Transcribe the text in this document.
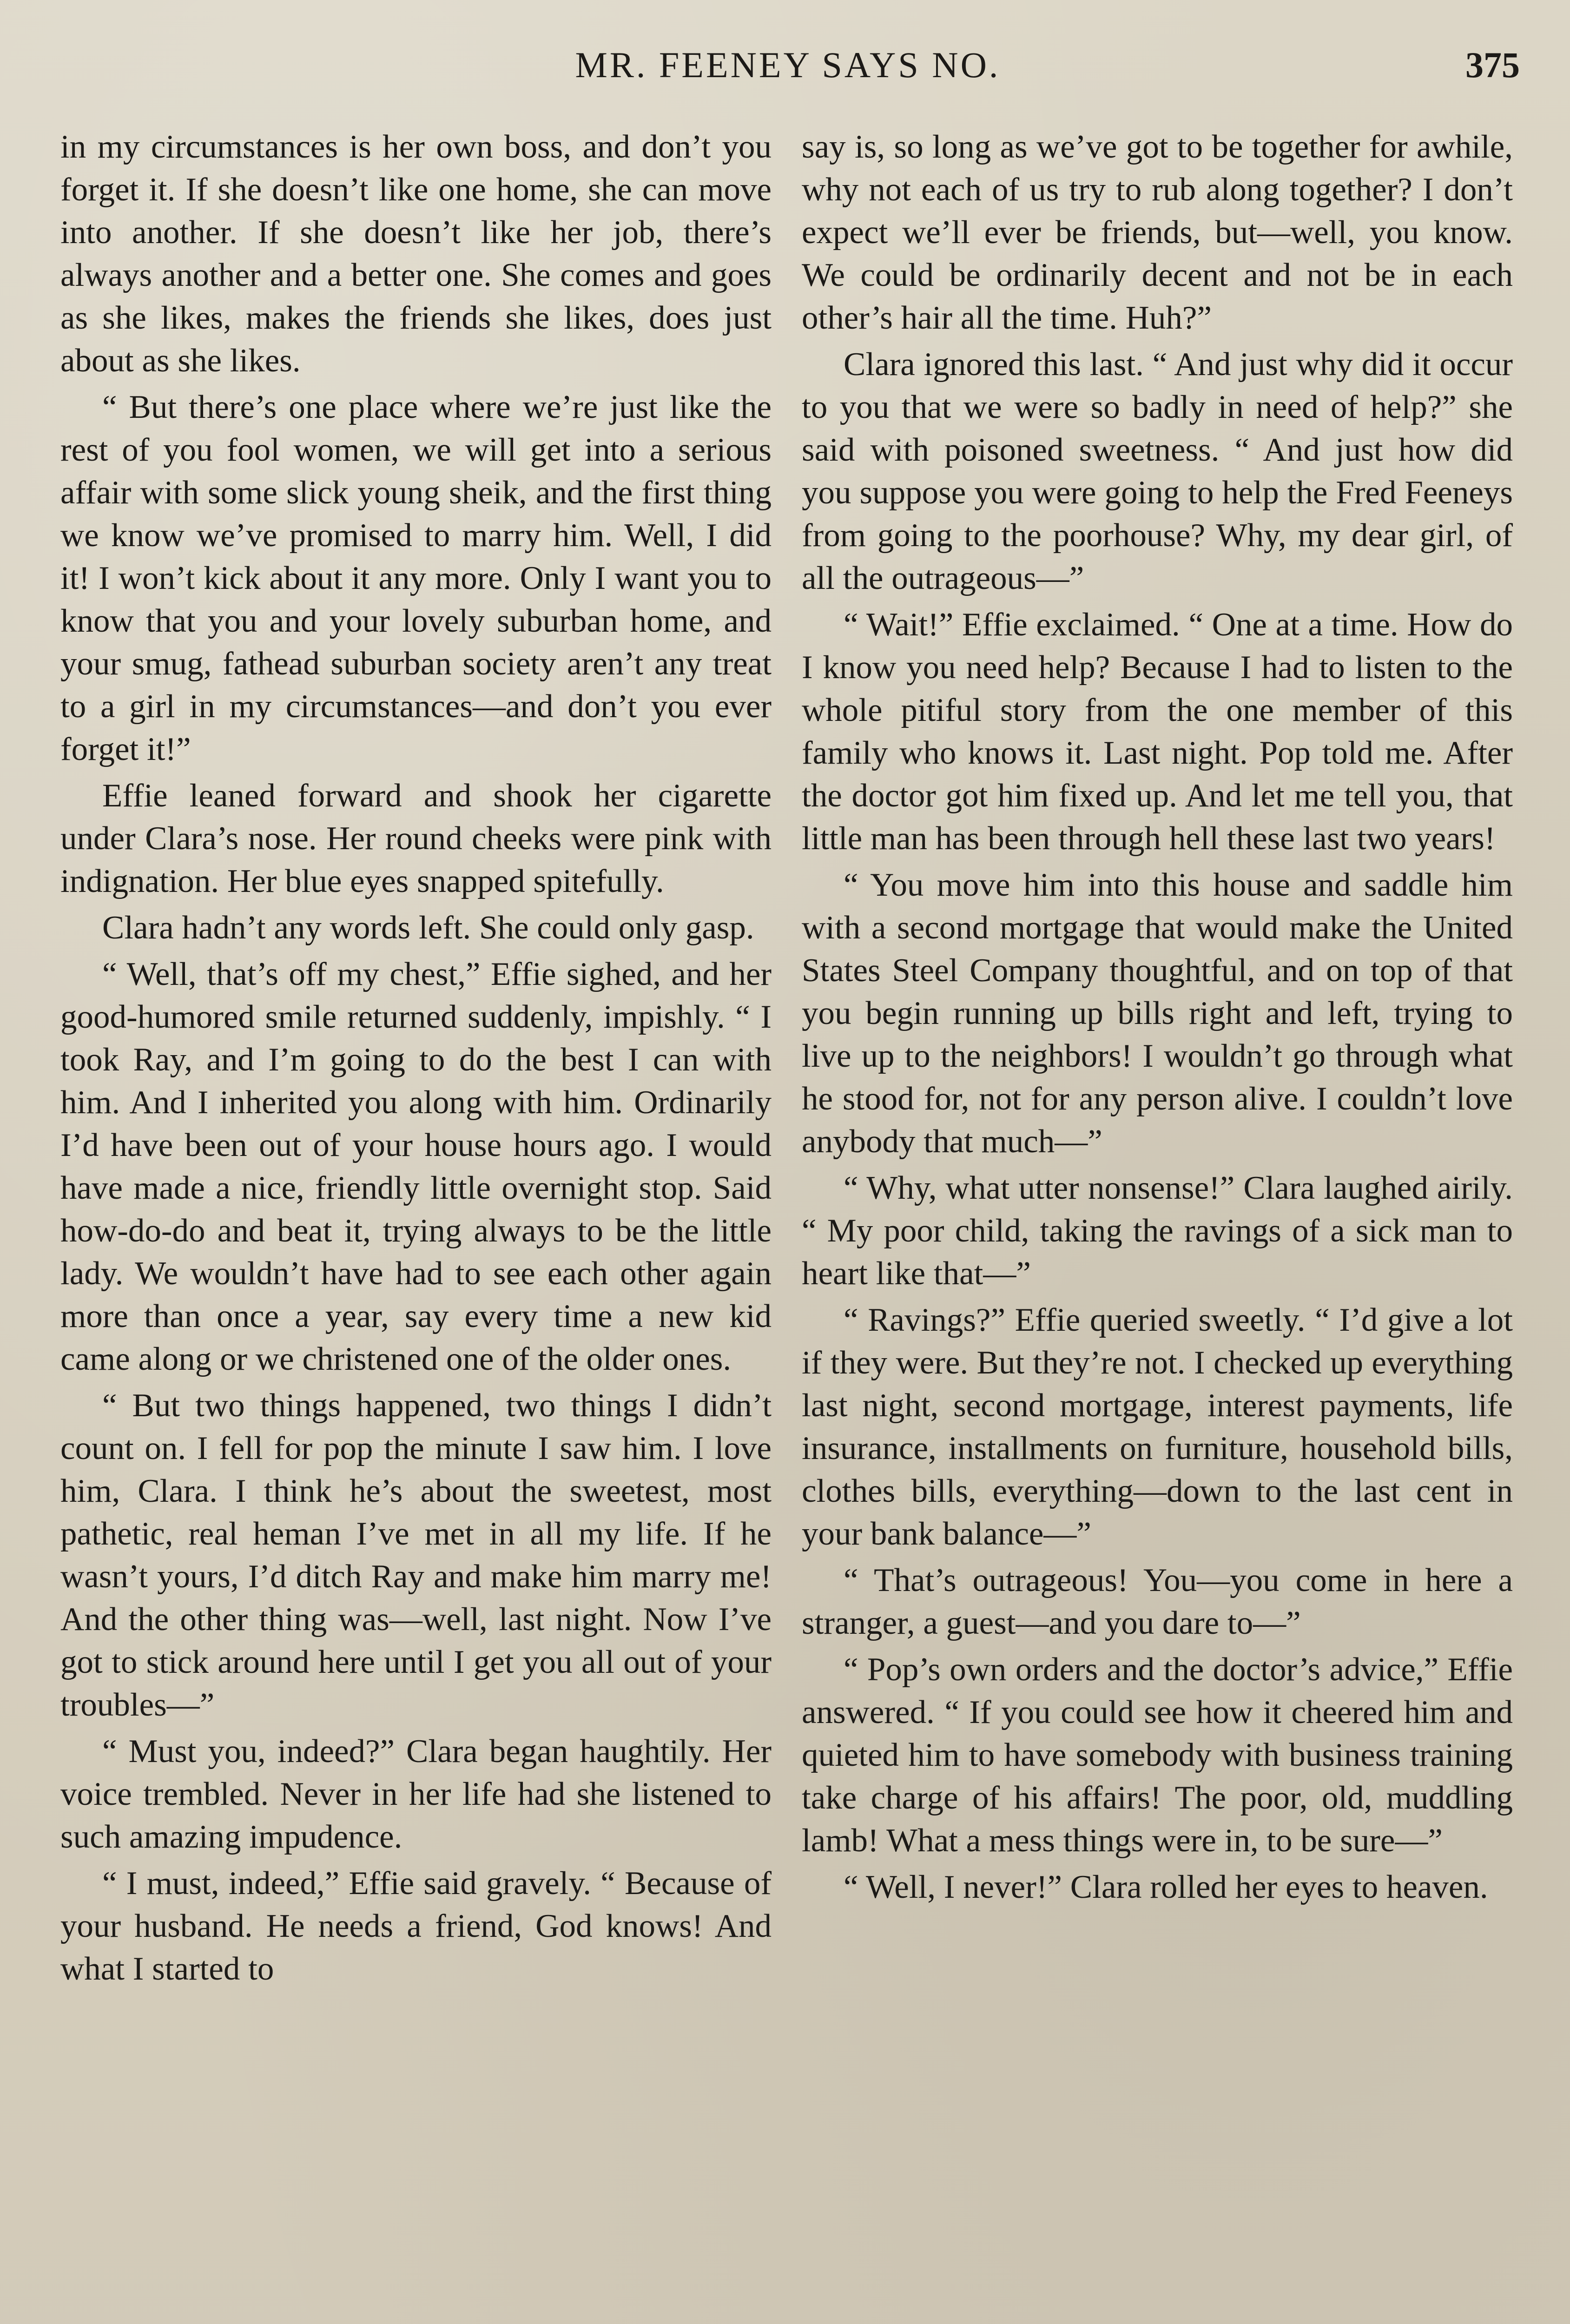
MR. FEENEY SAYS NO.	375

in my circumstances is her own boss, and don’t you forget it. If she doesn’t like one home, she can move into another. If she doesn’t like her job, there’s always another and a better one. She comes and goes as she likes, makes the friends she likes, does just about as she likes.

“ But there’s one place where we’re just like the rest of you fool women, we will get into a serious affair with some slick young sheik, and the first thing we know we’ve promised to marry him. Well, I did it! I won’t kick about it any more. Only I want you to know that you and your lovely suburban home, and your smug, fathead suburban society aren’t any treat to a girl in my circumstances—and don’t you ever forget it!”

Effie leaned forward and shook her cigarette under Clara’s nose. Her round cheeks were pink with indignation. Her blue eyes snapped spitefully.

Clara hadn’t any words left. She could only gasp.

“ Well, that’s off my chest,” Effie sighed, and her good-humored smile returned suddenly, impishly. “ I took Ray, and I’m going to do the best I can with him. And I inherited you along with him. Ordinarily I’d have been out of your house hours ago. I would have made a nice, friendly little overnight stop. Said how-do-do and beat it, trying always to be the little lady. We wouldn’t have had to see each other again more than once a year, say every time a new kid came along or we christened one of the older ones.

“ But two things happened, two things I didn’t count on. I fell for pop the minute I saw him. I love him, Clara. I think he’s about the sweetest, most pathetic, real heman I’ve met in all my life. If he wasn’t yours, I’d ditch Ray and make him marry me! And the other thing was—well, last night. Now I’ve got to stick around here until I get you all out of your troubles—”

“ Must you, indeed?” Clara began haughtily. Her voice trembled. Never in her life had she listened to such amazing impudence.

“ I must, indeed,” Effie said gravely. “ Because of your husband. He needs a friend, God knows! And what I started to

say is, so long as we’ve got to be together for awhile, why not each of us try to rub along together? I don’t expect we’ll ever be friends, but—well, you know. We could be ordinarily decent and not be in each other’s hair all the time. Huh?”

Clara ignored this last. “ And just why did it occur to you that we were so badly in need of help?” she said with poisoned sweetness. “ And just how did you suppose you were going to help the Fred Feeneys from going to the poorhouse? Why, my dear girl, of all the outrageous—”

“ Wait!” Effie exclaimed. “ One at a time. How do I know you need help? Because I had to listen to the whole pitiful story from the one member of this family who knows it. Last night. Pop told me. After the doctor got him fixed up. And let me tell you, that little man has been through hell these last two years!

“ You move him into this house and saddle him with a second mortgage that would make the United States Steel Company thoughtful, and on top of that you begin running up bills right and left, trying to live up to the neighbors! I wouldn’t go through what he stood for, not for any person alive. I couldn’t love anybody that much—”

“ Why, what utter nonsense!” Clara laughed airily. “ My poor child, taking the ravings of a sick man to heart like that—”

“ Ravings?” Effie queried sweetly. “ I’d give a lot if they were. But they’re not. I checked up everything last night, second mortgage, interest payments, life insurance, installments on furniture, household bills, clothes bills, everything—down to the last cent in your bank balance—”

“ That’s outrageous! You—you come in here a stranger, a guest—and you dare to—”

“ Pop’s own orders and the doctor’s advice,” Effie answered. “ If you could see how it cheered him and quieted him to have somebody with business training take charge of his affairs! The poor, old, muddling lamb! What a mess things were in, to be sure—”

“ Well, I never!” Clara rolled her eyes to heaven.
